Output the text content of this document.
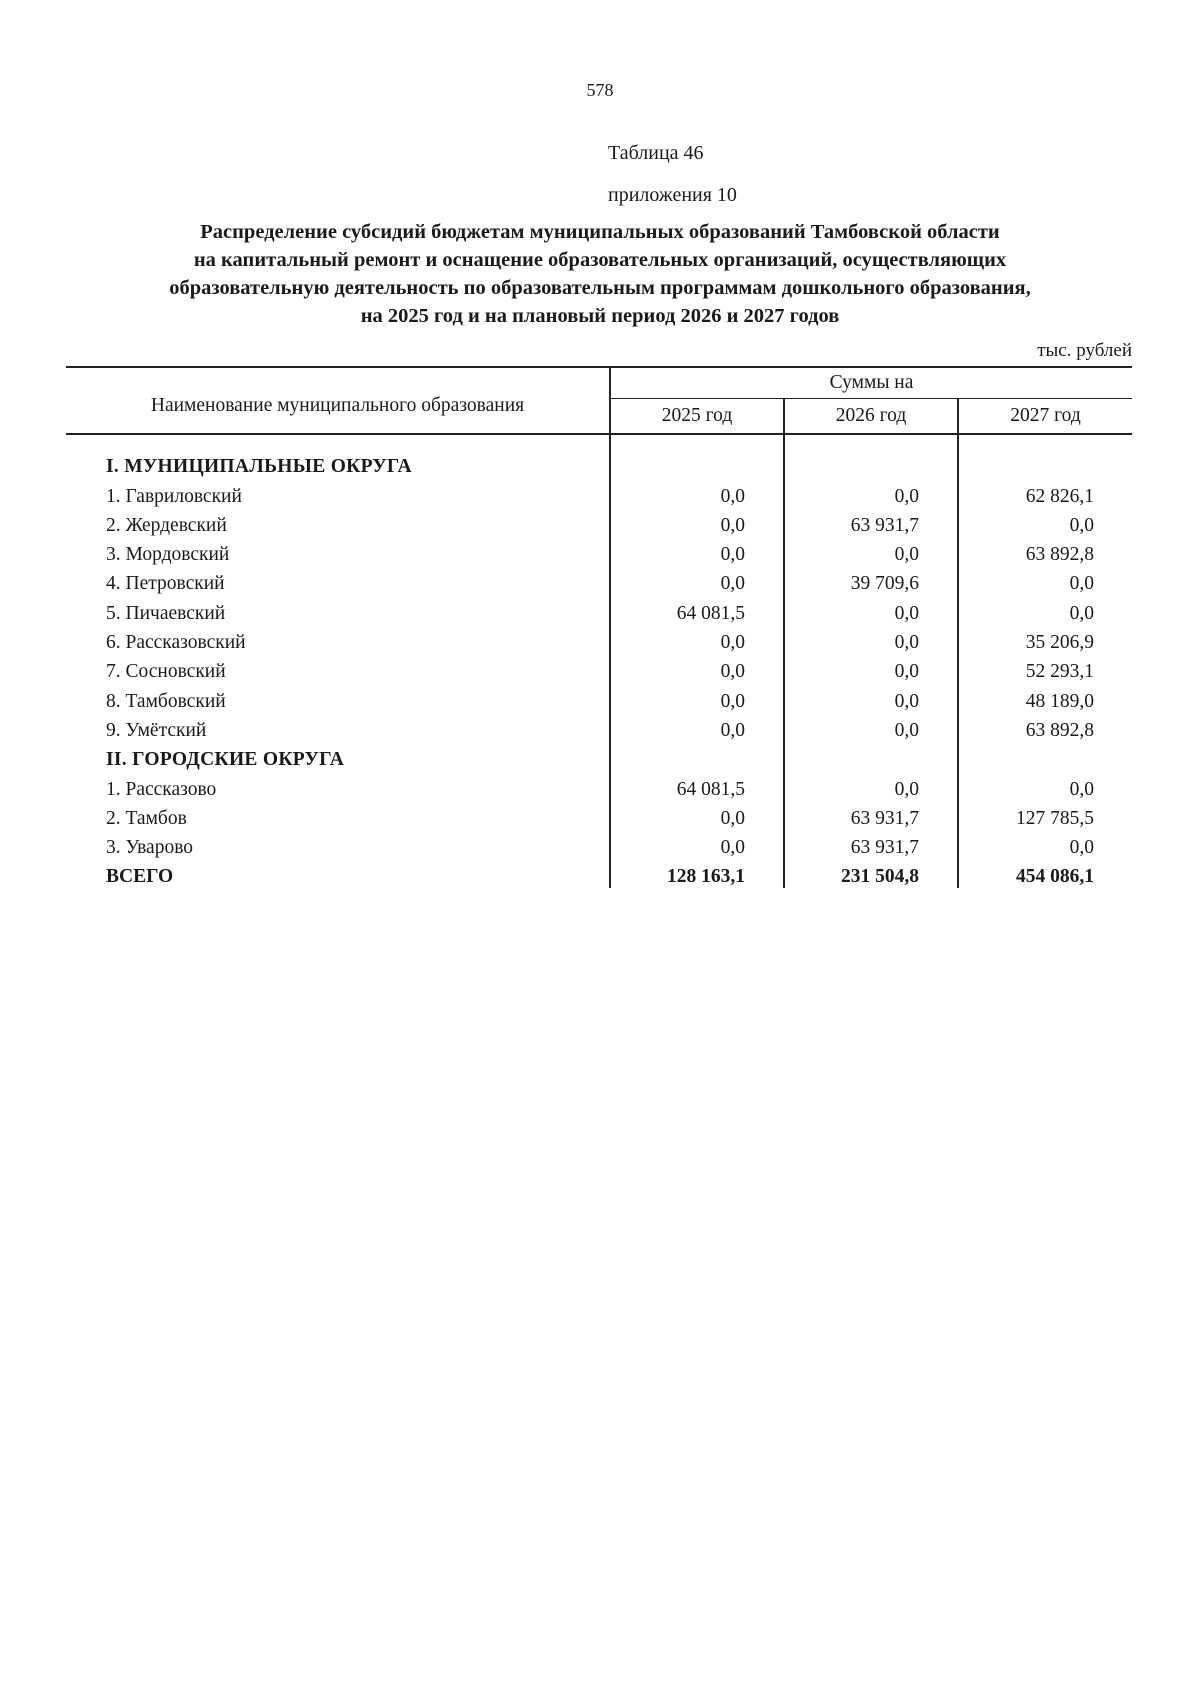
578
Таблица 46
приложения 10
Распределение субсидий бюджетам муниципальных образований Тамбовской области
на капитальный ремонт и оснащение образовательных организаций, осуществляющих
образовательную деятельность по образовательным программам дошкольного образования,
на 2025 год и на плановый период 2026 и 2027 годов
тыс. рублей
Наименование муниципального образования	Суммы на		
	2025 год	2026 год	2027 год

I. МУНИЦИПАЛЬНЫЕ ОКРУГА			
1. Гавриловский	0,0	0,0	62 826,1
2. Жердевский	0,0	63 931,7	0,0
3. Мордовский	0,0	0,0	63 892,8
4. Петровский	0,0	39 709,6	0,0
5. Пичаевский	64 081,5	0,0	0,0
6. Рассказовский	0,0	0,0	35 206,9
7. Сосновский	0,0	0,0	52 293,1
8. Тамбовский	0,0	0,0	48 189,0
9. Умётский	0,0	0,0	63 892,8
II. ГОРОДСКИЕ ОКРУГА			
1. Рассказово	64 081,5	0,0	0,0
2. Тамбов	0,0	63 931,7	127 785,5
3. Уварово	0,0	63 931,7	0,0
ВСЕГО	128 163,1	231 504,8	454 086,1
